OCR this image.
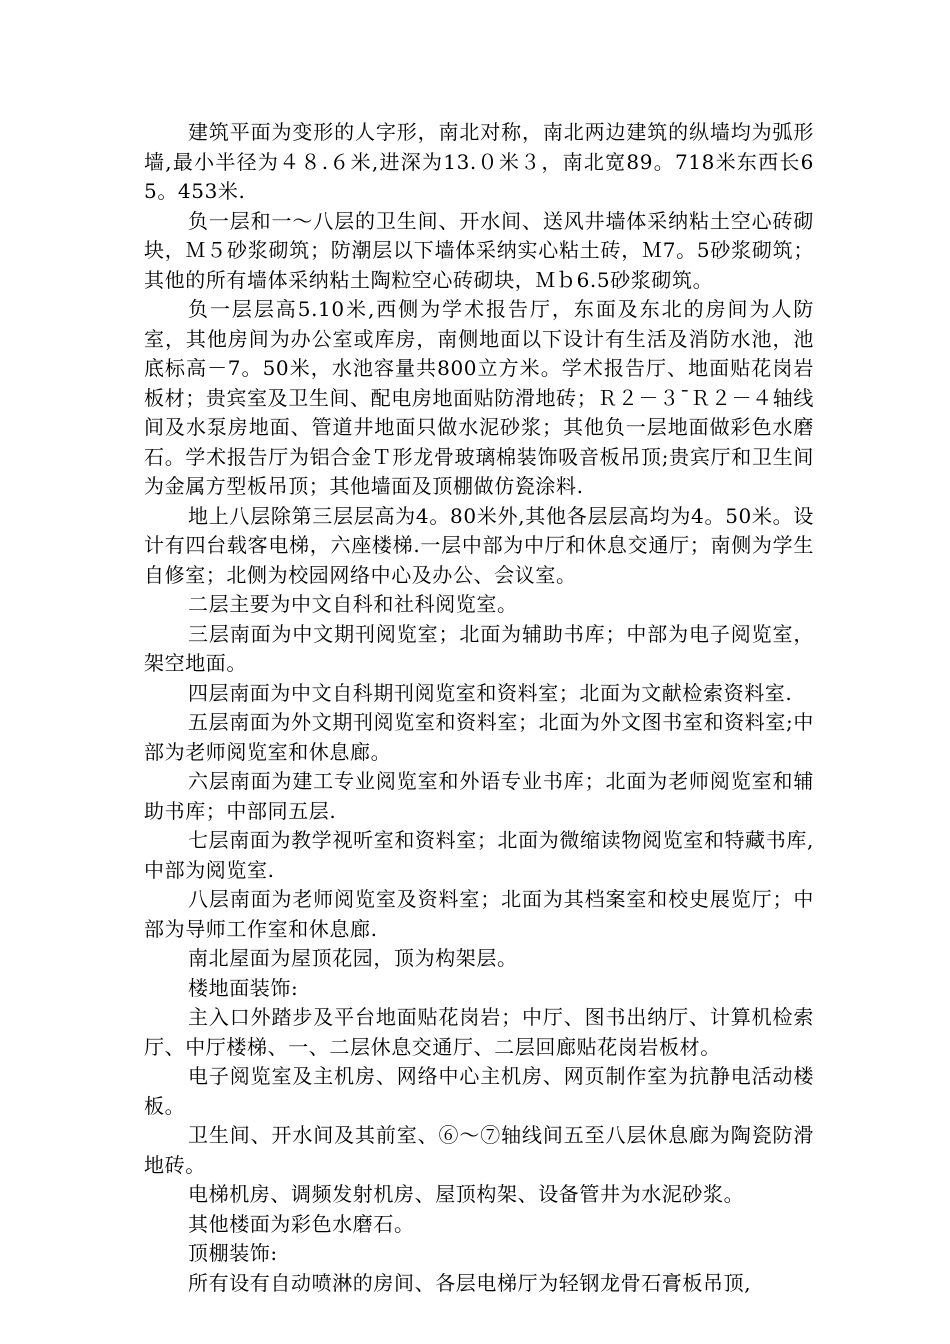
建筑平面为变形的人字形，南北对称，南北两边建筑的纵墙均为弧形墙,最小半径为４８.６米,进深为13.０米３，南北宽89。718米东西长65。453米.

负一层和一～八层的卫生间、开水间、送风井墙体采纳粘土空心砖砌块，Ｍ５砂浆砌筑；防潮层以下墙体采纳实心粘土砖，Ｍ7。5砂浆砌筑；其他的所有墙体采纳粘土陶粒空心砖砌块，Ｍｂ6.5砂浆砌筑。

负一层层高5.10米,西侧为学术报告厅，东面及东北的房间为人防室，其他房间为办公室或库房，南侧地面以下设计有生活及消防水池，池底标高－7。50米，水池容量共800立方米。学术报告厅、地面贴花岗岩板材；贵宾室及卫生间、配电房地面贴防滑地砖；Ｒ２－３¯Ｒ２－４轴线间及水泵房地面、管道井地面只做水泥砂浆；其他负一层地面做彩色水磨石。学术报告厅为铝合金Ｔ形龙骨玻璃棉装饰吸音板吊顶;贵宾厅和卫生间为金属方型板吊顶；其他墙面及顶棚做仿瓷涂料.

地上八层除第三层层高为4。80米外,其他各层层高均为4。50米。设计有四台载客电梯，六座楼梯.一层中部为中厅和休息交通厅；南侧为学生自修室；北侧为校园网络中心及办公、会议室。

二层主要为中文自科和社科阅览室。

三层南面为中文期刊阅览室；北面为辅助书库；中部为电子阅览室，架空地面。

四层南面为中文自科期刊阅览室和资料室；北面为文献检索资料室.

五层南面为外文期刊阅览室和资料室；北面为外文图书室和资料室;中部为老师阅览室和休息廊。

六层南面为建工专业阅览室和外语专业书库；北面为老师阅览室和辅助书库；中部同五层.

七层南面为教学视听室和资料室；北面为微缩读物阅览室和特藏书库,中部为阅览室.

八层南面为老师阅览室及资料室；北面为其档案室和校史展览厅；中部为导师工作室和休息廊.

南北屋面为屋顶花园，顶为构架层。

楼地面装饰:

主入口外踏步及平台地面贴花岗岩；中厅、图书出纳厅、计算机检索厅、中厅楼梯、一、二层休息交通厅、二层回廊贴花岗岩板材。

电子阅览室及主机房、网络中心主机房、网页制作室为抗静电活动楼板。

卫生间、开水间及其前室、⑥～⑦轴线间五至八层休息廊为陶瓷防滑地砖。

电梯机房、调频发射机房、屋顶构架、设备管井为水泥砂浆。

其他楼面为彩色水磨石。

顶棚装饰:

所有设有自动喷淋的房间、各层电梯厅为轻钢龙骨石膏板吊顶,
